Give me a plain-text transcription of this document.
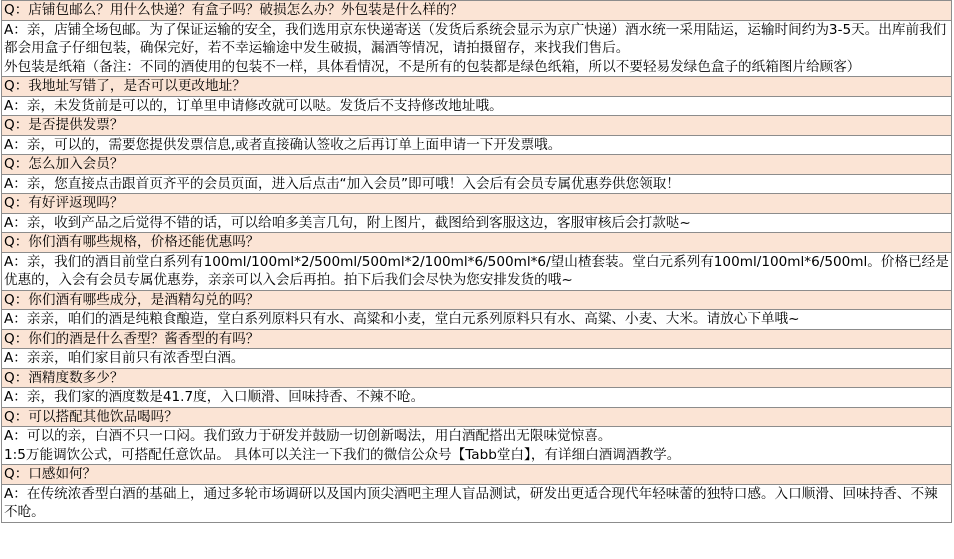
Q：店铺包邮么？用什么快递？有盒子吗？破损怎么办？外包装是什么样的？

A：亲，店铺全场包邮。为了保证运输的安全，我们选用京东快递寄送（发货后系统会显示为京广快递）酒水统一采用陆运，运输时间约为3-5天。出库前我们都会用盒子仔细包装，确保完好，若不幸运输途中发生破损，漏酒等情况，请拍摄留存，来找我们售后。
外包装是纸箱（备注：不同的酒使用的包装不一样，具体看情况，不是所有的包装都是绿色纸箱，所以不要轻易发绿色盒子的纸箱图片给顾客）

Q：我地址写错了，是否可以更改地址？
A：亲，未发货前是可以的，订单里申请修改就可以哒。发货后不支持修改地址哦。
Q：是否提供发票？
A：亲，可以的，需要您提供发票信息,或者直接确认签收之后再订单上面申请一下开发票哦。
Q：怎么加入会员？
A：亲，您直接点击跟首页齐平的会员页面，进入后点击“加入会员”即可哦！入会后有会员专属优惠券供您领取！
Q：有好评返现吗？
A：亲，收到产品之后觉得不错的话，可以给咱多美言几句，附上图片，截图给到客服这边，客服审核后会打款哒~
Q：你们酒有哪些规格，价格还能优惠吗？
A：亲，我们的酒目前堂白系列有100ml/100ml*2/500ml/500ml*2/100ml*6/500ml*6/望山楂套装。堂白元系列有100ml/100ml*6/500ml。价格已经是优惠的，入会有会员专属优惠券，亲亲可以入会后再拍。拍下后我们会尽快为您安排发货的哦~
Q：你们酒有哪些成分，是酒精勾兑的吗？
A：亲亲，咱们的酒是纯粮食酿造，堂白系列原料只有水、高粱和小麦，堂白元系列原料只有水、高粱、小麦、大米。请放心下单哦~
Q：你们的酒是什么香型？酱香型的有吗？
A：亲亲，咱们家目前只有浓香型白酒。
Q：酒精度数多少？
A：亲，我们家的酒度数是41.7度，入口顺滑、回味持香、不辣不呛。
Q：可以搭配其他饮品喝吗？

A：可以的亲，白酒不只一口闷。我们致力于研发并鼓励一切创新喝法，用白酒配搭出无限味觉惊喜。
1:5万能调饮公式，可搭配任意饮品。 具体可以关注一下我们的微信公众号【Tabb堂白】，有详细白酒调酒教学。

Q：口感如何？
A：在传统浓香型白酒的基础上，通过多轮市场调研以及国内顶尖酒吧主理人盲品测试，研发出更适合现代年轻味蕾的独特口感。入口顺滑、回味持香、不辣不呛。
